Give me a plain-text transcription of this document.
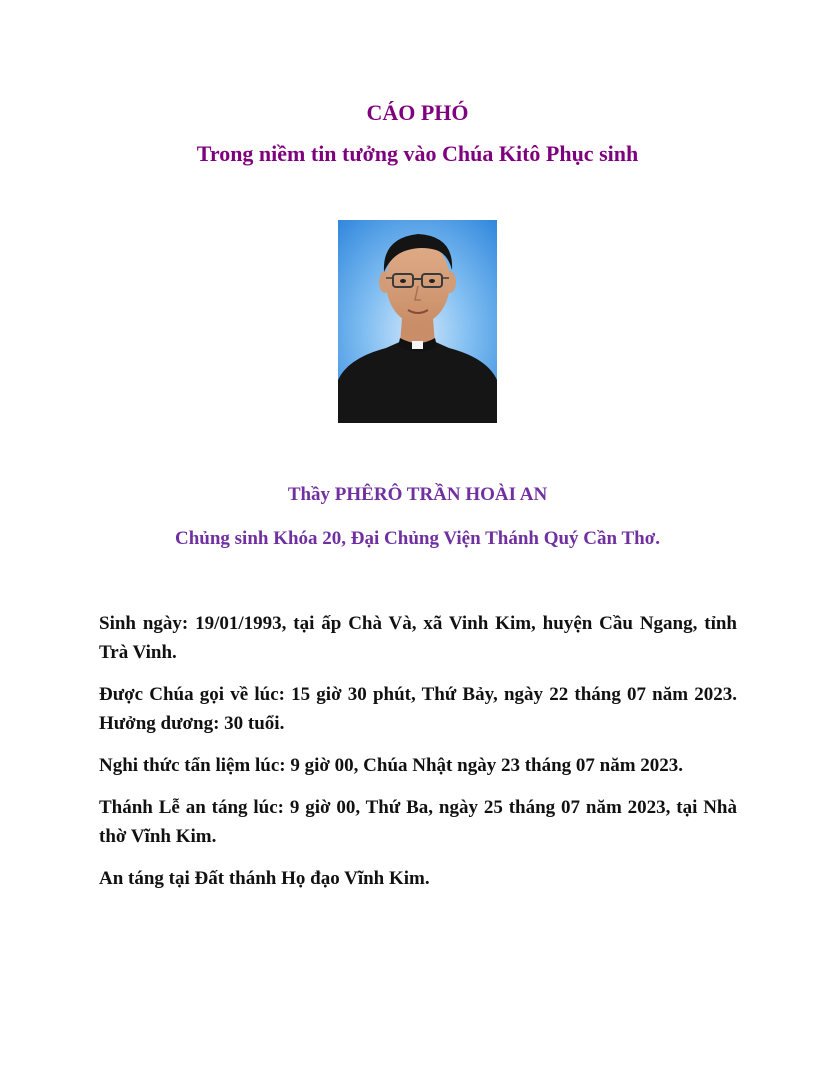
CÁO PHÓ
Trong niềm tin tưởng vào Chúa Kitô Phục sinh

Thầy PHÊRÔ TRẦN HOÀI AN

Chủng sinh Khóa 20, Đại Chủng Viện Thánh Quý Cần Thơ.

Sinh ngày: 19/01/1993, tại ấp Chà Và, xã Vinh Kim, huyện Cầu Ngang, tỉnh Trà Vinh.

Được Chúa gọi về lúc: 15 giờ 30 phút, Thứ Bảy, ngày 22 tháng 07 năm 2023. Hưởng dương: 30 tuổi.

Nghi thức tẩn liệm lúc: 9 giờ 00, Chúa Nhật ngày 23 tháng 07 năm 2023.

Thánh Lễ an táng lúc: 9 giờ 00, Thứ Ba, ngày 25 tháng 07 năm 2023, tại Nhà thờ Vĩnh Kim.

An táng tại Đất thánh Họ đạo Vĩnh Kim.
